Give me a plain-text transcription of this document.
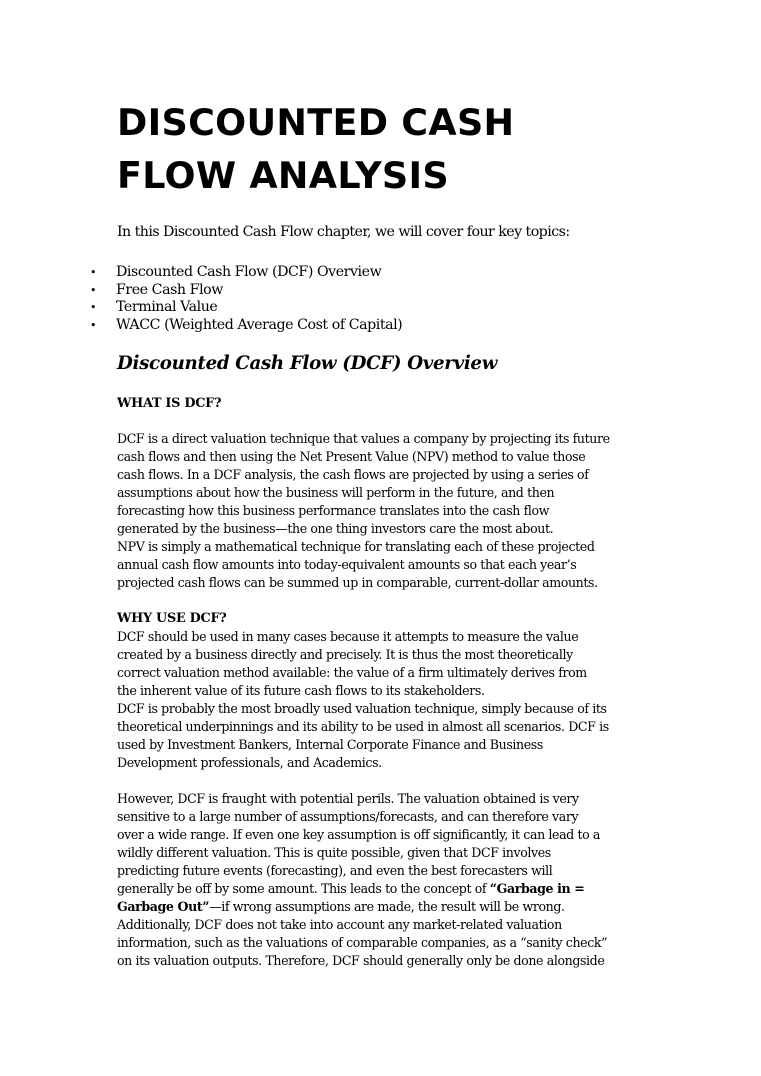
DISCOUNTED CASH
FLOW ANALYSIS

In this Discounted Cash Flow chapter, we will cover four key topics:

• Discounted Cash Flow (DCF) Overview
• Free Cash Flow
• Terminal Value
• WACC (Weighted Average Cost of Capital)
Discounted Cash Flow (DCF) Overview
WHAT IS DCF?

DCF is a direct valuation technique that values a company by projecting its future
cash flows and then using the Net Present Value (NPV) method to value those
cash flows. In a DCF analysis, the cash flows are projected by using a series of
assumptions about how the business will perform in the future, and then
forecasting how this business performance translates into the cash flow
generated by the business—the one thing investors care the most about.
NPV is simply a mathematical technique for translating each of these projected
annual cash flow amounts into today-equivalent amounts so that each year’s
projected cash flows can be summed up in comparable, current-dollar amounts.

WHY USE DCF?

DCF should be used in many cases because it attempts to measure the value
created by a business directly and precisely. It is thus the most theoretically
correct valuation method available: the value of a firm ultimately derives from
the inherent value of its future cash flows to its stakeholders.
DCF is probably the most broadly used valuation technique, simply because of its
theoretical underpinnings and its ability to be used in almost all scenarios. DCF is
used by Investment Bankers, Internal Corporate Finance and Business
Development professionals, and Academics.

However, DCF is fraught with potential perils. The valuation obtained is very
sensitive to a large number of assumptions/forecasts, and can therefore vary
over a wide range. If even one key assumption is off significantly, it can lead to a
wildly different valuation. This is quite possible, given that DCF involves
predicting future events (forecasting), and even the best forecasters will
generally be off by some amount. This leads to the concept of “Garbage in =
Garbage Out”—if wrong assumptions are made, the result will be wrong.
Additionally, DCF does not take into account any market-related valuation
information, such as the valuations of comparable companies, as a “sanity check”
on its valuation outputs. Therefore, DCF should generally only be done alongside
